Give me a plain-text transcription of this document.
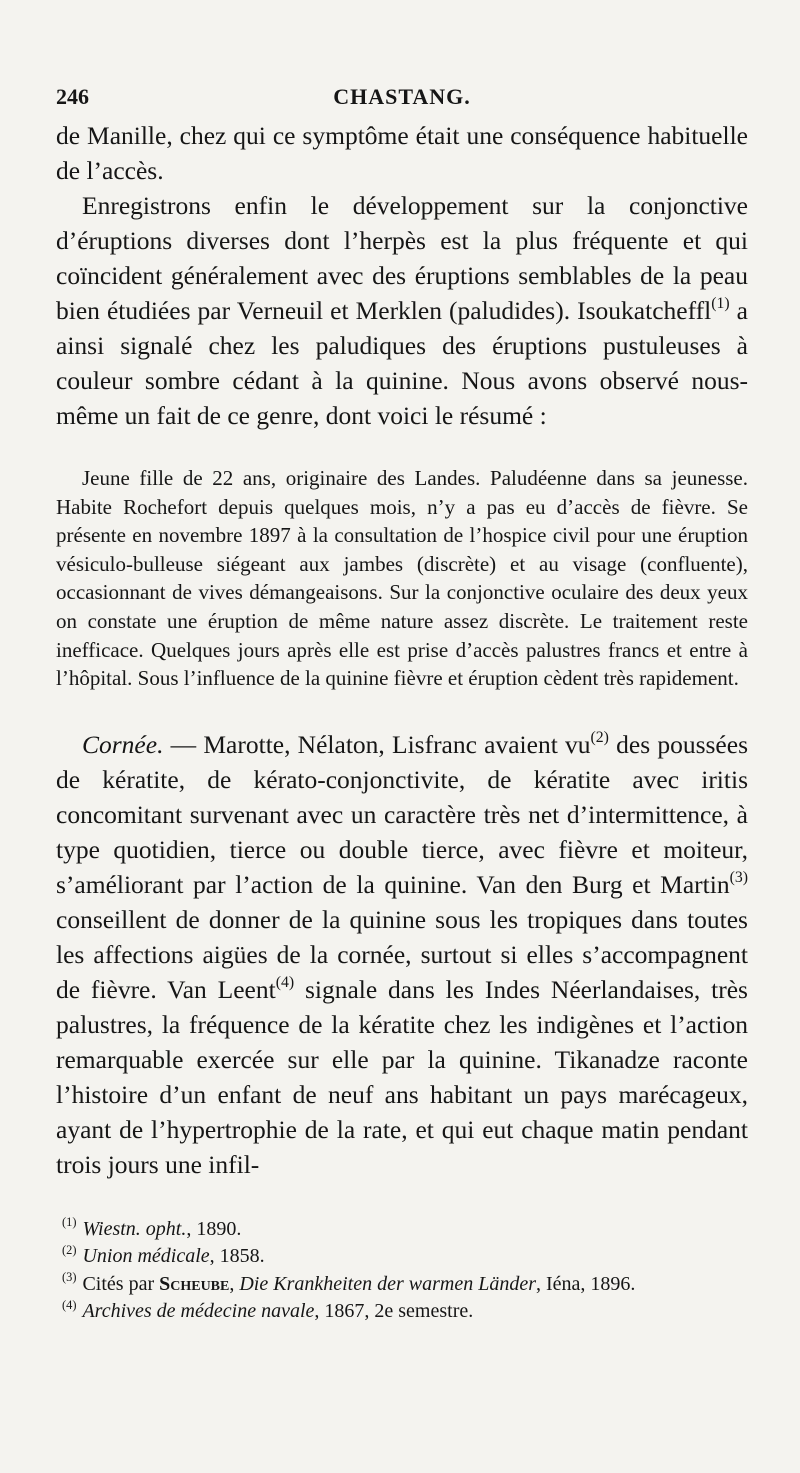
246	CHASTANG.

de Manille, chez qui ce symptôme était une conséquence habituelle de l’accès.

Enregistrons enfin le développement sur la conjonctive d’éruptions diverses dont l’herpès est la plus fréquente et qui coïncident généralement avec des éruptions semblables de la peau bien étudiées par Verneuil et Merklen (paludides). Isoukatcheffl$^{(1)}$ a ainsi signalé chez les paludiques des éruptions pustuleuses à couleur sombre cédant à la quinine. Nous avons observé nous-même un fait de ce genre, dont voici le résumé :

Jeune fille de 22 ans, originaire des Landes. Paludéenne dans sa jeunesse. Habite Rochefort depuis quelques mois, n’y a pas eu d’accès de fièvre. Se présente en novembre 1897 à la consultation de l’hospice civil pour une éruption vésiculo-bulleuse siégeant aux jambes (discrète) et au visage (confluente), occasionnant de vives démangeaisons. Sur la conjonctive oculaire des deux yeux on constate une éruption de même nature assez discrète. Le traitement reste inefficace. Quelques jours après elle est prise d’accès palustres francs et entre à l’hôpital. Sous l’influence de la quinine fièvre et éruption cèdent très rapidement.

Cornée. — Marotte, Nélaton, Lisfranc avaient $vu^{(2)}$ des poussées de kératite, de kérato-conjonctivite, de kératite avec iritis concomitant survenant avec un caractère très net d’intermittence, à type quotidien, tierce ou double tierce, avec fièvre et moiteur, s’améliorant par l’action de la quinine. Van den Burg et Martin$^{(3)}$ conseillent de donner de la quinine sous les tropiques dans toutes les affections aigües de la cornée, surtout si elles s’accompagnent de fièvre. Van Leent$^{(4)}$ signale dans les Indes Néerlandaises, très palustres, la fréquence de la kératite chez les indigènes et l’action remarquable exercée sur elle par la quinine. Tikanadze raconte l’histoire d’un enfant de neuf ans habitant un pays marécageux, ayant de l’hypertrophie de la rate, et qui eut chaque matin pendant trois jours une infil-

$^{(1)}$ Wiestn. opht., 1890.
$^{(2)}$ Union médicale, 1858.
$^{(3)}$ Cités par Scheube, Die Krankheiten der warmen Länder, Iéna, 1896.
$^{(4)}$ Archives de médecine navale, 1867, 2e semestre.
